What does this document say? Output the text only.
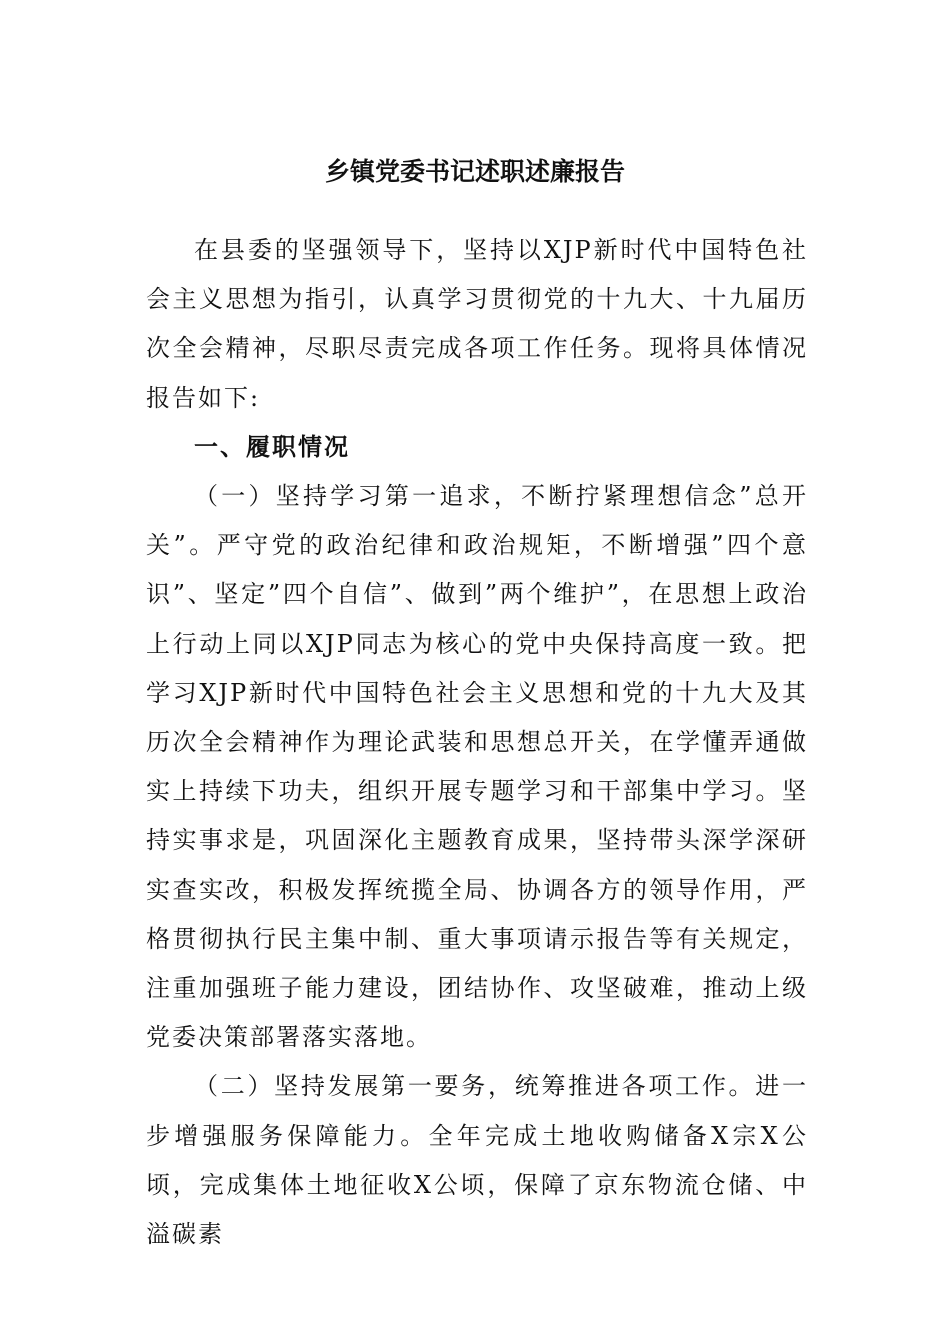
乡镇党委书记述职述廉报告

在县委的坚强领导下，坚持以XJP新时代中国特色社会主义思想为指引，认真学习贯彻党的十九大、十九届历次全会精神，尽职尽责完成各项工作任务。现将具体情况报告如下:

一、履职情况

（一）坚持学习第一追求，不断拧紧理想信念”总开关”。严守党的政治纪律和政治规矩，不断增强”四个意识”、坚定”四个自信”、做到”两个维护”，在思想上政治上行动上同以XJP同志为核心的党中央保持高度一致。把学习XJP新时代中国特色社会主义思想和党的十九大及其历次全会精神作为理论武装和思想总开关，在学懂弄通做实上持续下功夫，组织开展专题学习和干部集中学习。坚持实事求是，巩固深化主题教育成果，坚持带头深学深研实查实改，积极发挥统揽全局、协调各方的领导作用，严格贯彻执行民主集中制、重大事项请示报告等有关规定，注重加强班子能力建设，团结协作、攻坚破难，推动上级党委决策部署落实落地。

（二）坚持发展第一要务，统筹推进各项工作。进一步增强服务保障能力。全年完成土地收购储备X宗X公顷，完成集体土地征收X公顷，保障了京东物流仓储、中溢碳素
